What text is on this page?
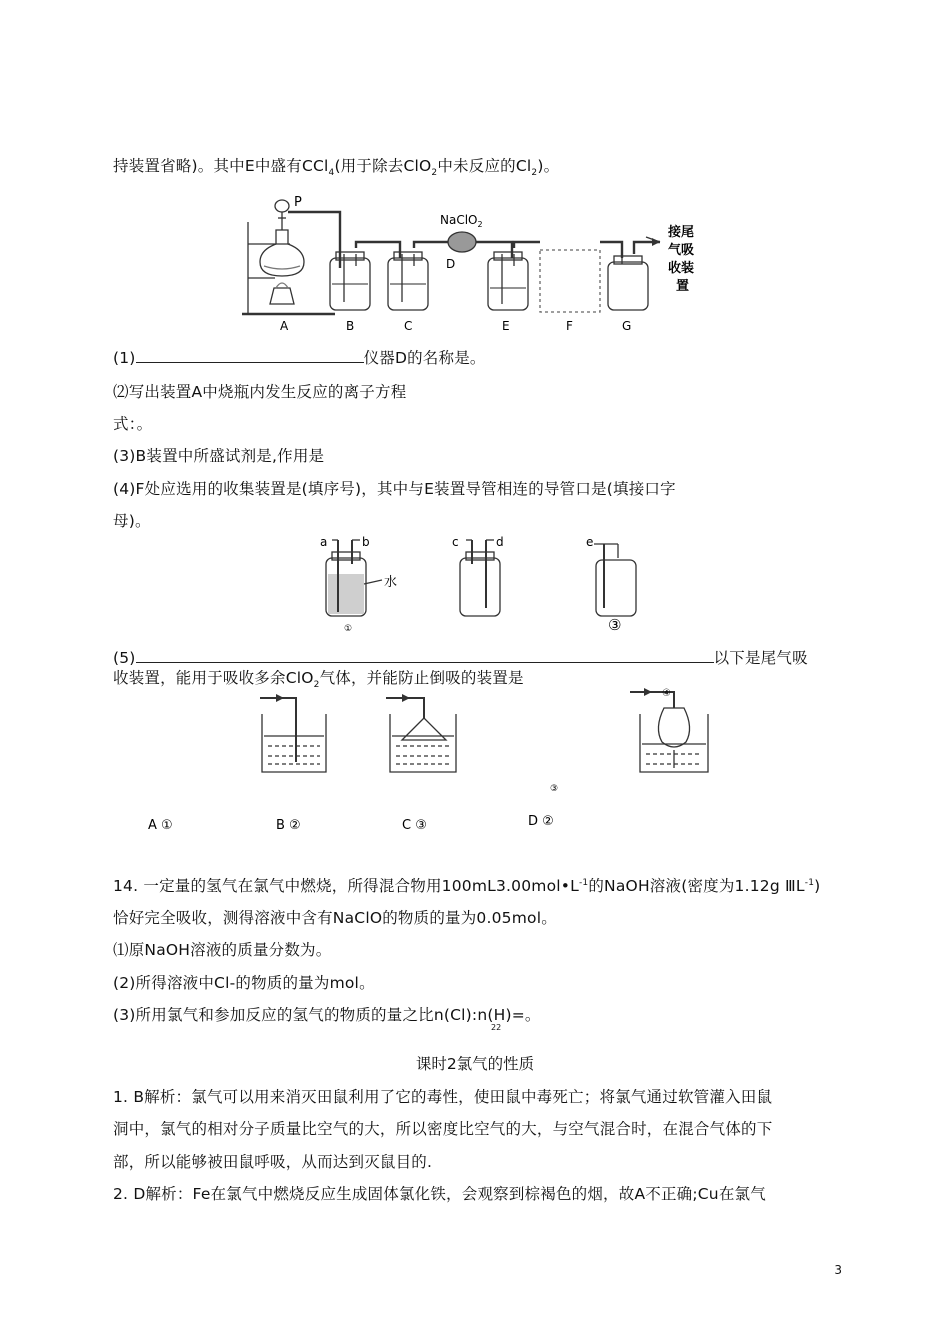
持装置省略)。其中E中盛有CCl$_4$(用于除去ClO$_2$中未反应的$Cl_2$)。
P
NaClO$_2$
D
A	B	C	E	F	G
接尾
气吸
收装
置
(1)	仪器D的名称是。
⑵写出装置A中烧瓶内发生反应的离子方程
式：。
(3)B装置中所盛试剂是,作用是
(4)F处应选用的收集装置是(填序号)，其中与E装置导管相连的导管口是(填接口字
母)。
a	b	c	d	e
水
①	③
(5)	以下是尾气吸
收装置，能用于吸收多余ClO$_2$气体，并能防止倒吸的装置是
④
③
A ①	B ②	C ③	D ②
14. 一定量的氢气在氯气中燃烧，所得混合物用$100mL3.00mol•L^{-1}$的NaOH溶液(密度为1.12g $ⅢL^{-1}$)
恰好完全吸收，测得溶液中含有NaClO的物质的量为0.05mol。
⑴原NaOH溶液的质量分数为。
(2)所得溶液中Cl-的物质的量为mol。
(3)所用氯气和参加反应的氢气的物质的量之比n(Cl):n(H)=。
22
课时2氯气的性质
1. B解析：氯气可以用来消灭田鼠利用了它的毒性，使田鼠中毒死亡；将氯气通过软管灌入田鼠
洞中，氯气的相对分子质量比空气的大，所以密度比空气的大，与空气混合时，在混合气体的下
部，所以能够被田鼠呼吸，从而达到灭鼠目的.
2. D解析：Fe在氯气中燃烧反应生成固体氯化铁，会观察到棕褐色的烟，故A不正确;Cu在氯气
3
